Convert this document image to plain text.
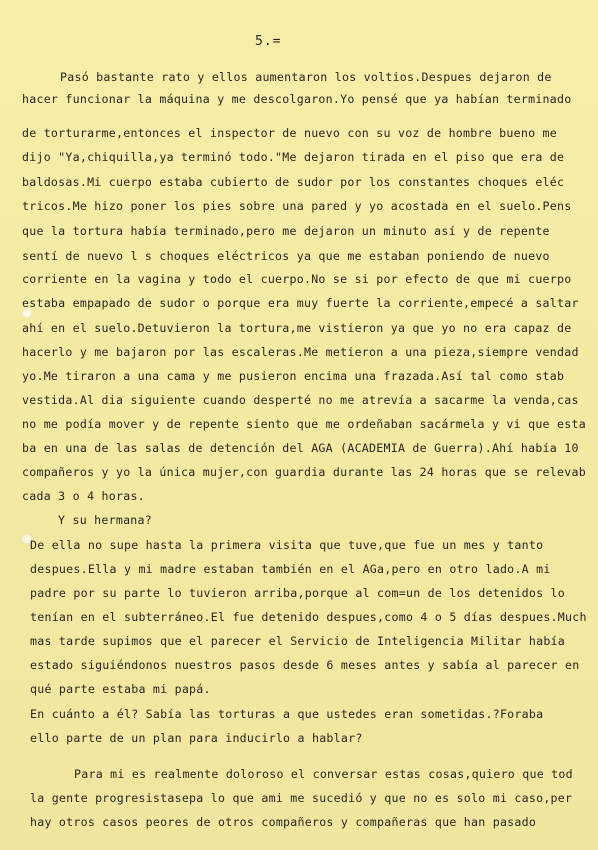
5.=
Pasó bastante rato y ellos aumentaron los voltios.Despues dejaron de
hacer funcionar la máquina y me descolgaron.Yo pensé que ya habían terminado
de torturarme,entonces el inspector de nuevo con su voz de hombre bueno me
dijo "Ya,chiquilla,ya terminó todo."Me dejaron tirada en el piso que era de
baldosas.Mi cuerpo estaba cubierto de sudor por los constantes choques eléc
tricos.Me hizo poner los pies sobre una pared y yo acostada en el suelo.Pens
que la tortura había terminado,pero me dejaron un minuto así y de repente
sentí de nuevo l s choques eléctricos ya que me estaban poniendo de nuevo
corriente en la vagina y todo el cuerpo.No se si por efecto de que mi cuerpo
estaba empapado de sudor o porque era muy fuerte la corriente,empecé a saltar
ahí en el suelo.Detuvieron la tortura,me vistieron ya que yo no era capaz de
hacerlo y me bajaron por las escaleras.Me metieron a una pieza,siempre vendad
yo.Me tiraron a una cama y me pusieron encima una frazada.Así tal como stab
vestida.Al dia siguiente cuando desperté no me atrevía a sacarme la venda,cas
no me podía mover y de repente siento que me ordeñaban sacármela y vi que esta
ba en una de las salas de detención del AGA (ACADEMIA de Guerra).Ahí había 10
compañeros y yo la única mujer,con guardia durante las 24 horas que se relevab
cada 3 o 4 horas.
Y su hermana?
De ella no supe hasta la primera visita que tuve,que fue un mes y tanto
despues.Ella y mi madre estaban también en el AGa,pero en otro lado.A mi
padre por su parte lo tuvieron arriba,porque al com=un de los detenidos lo
tenían en el subterráneo.El fue detenido despues,como 4 o 5 días despues.Much
mas tarde supimos que el parecer el Servicio de Inteligencia Militar había
estado siguiéndonos nuestros pasos desde 6 meses antes y sabía al parecer en
qué parte estaba mi papá.
En cuánto a él? Sabía las torturas a que ustedes eran sometidas.?Foraba
ello parte de un plan para inducirlo a hablar?
Para mi es realmente doloroso el conversar estas cosas,quiero que tod
la gente progresistasepa lo que ami me sucedió y que no es solo mi caso,per
hay otros casos peores de otros compañeros y compañeras que han pasado
